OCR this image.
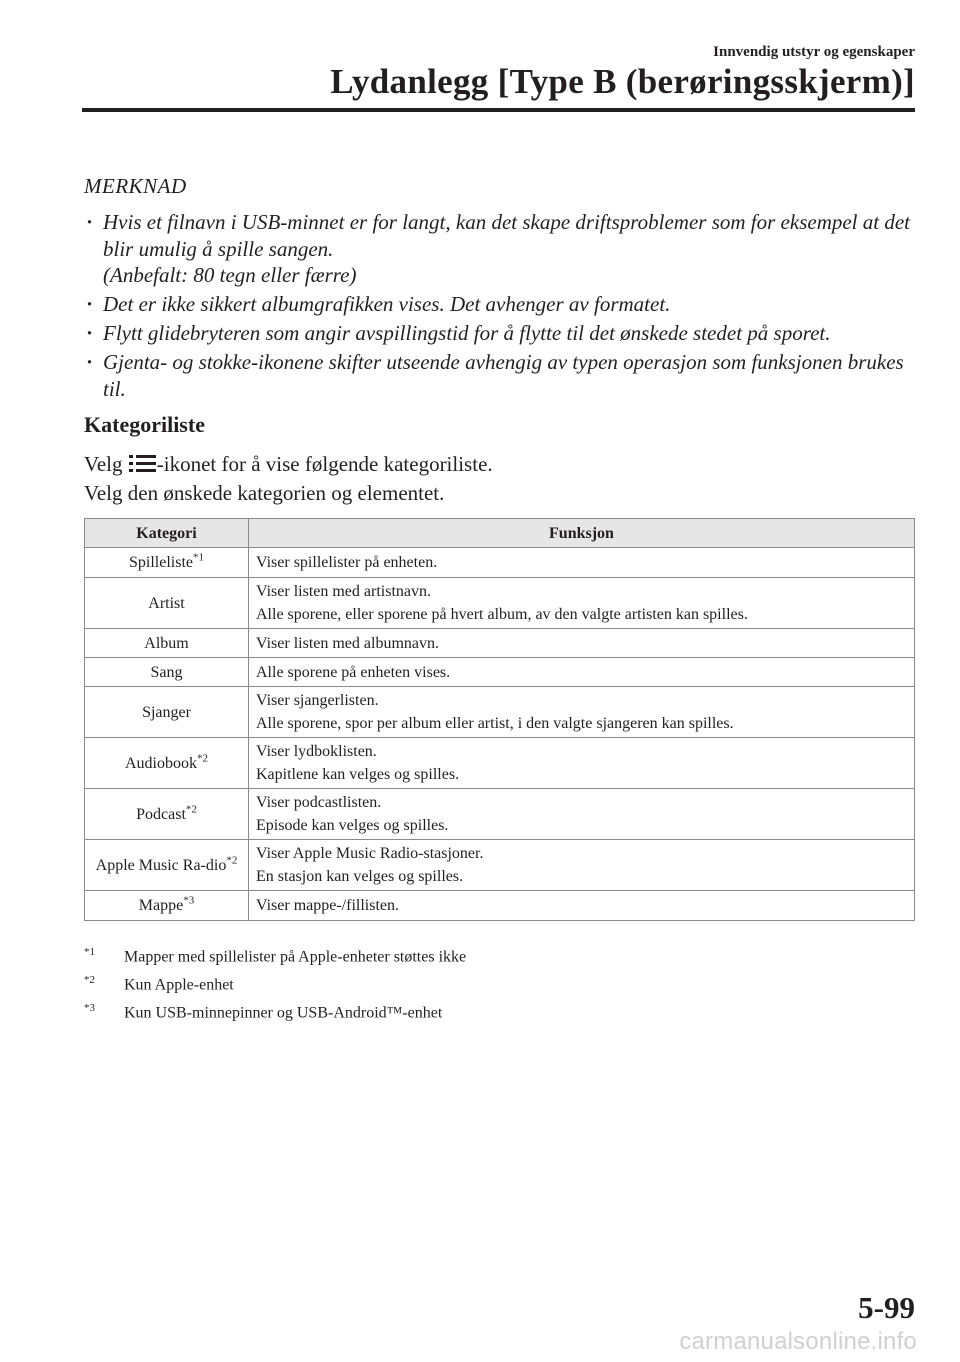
Innvendig utstyr og egenskaper
Lydanlegg [Type B (berøringsskjerm)]
MERKNAD
· Hvis et filnavn i USB-minnet er for langt, kan det skape driftsproblemer som for eksempel at det blir umulig å spille sangen.
(Anbefalt: 80 tegn eller færre)
· Det er ikke sikkert albumgrafikken vises. Det avhenger av formatet.
· Flytt glidebryteren som angir avspillingstid for å flytte til det ønskede stedet på sporet.
· Gjenta- og stokke-ikonene skifter utseende avhengig av typen operasjon som funksjonen brukes til.
Kategoriliste
Velg
-ikonet for å vise følgende kategoriliste.
Velg den ønskede kategorien og elementet.
Kategori	Funksjon
Spilleliste$^{*1}$	Viser spillelister på enheten.

Artist	Viser listen med artistnavn.
Alle sporene, eller sporene på hvert album, av den valgte artisten kan spilles.

Album	Viser listen med albumnavn.

Sang	Alle sporene på enheten vises.

Sjanger	Viser sjangerlisten.
Alle sporene, spor per album eller artist, i den valgte sjangeren kan spilles.

Audiobook$^{*2}$	Viser lydboklisten.
Kapitlene kan velges og spilles.

Podcast$^{*2}$	Viser podcastlisten.
Episode kan velges og spilles.

Apple Music Ra-dio$^{*2}$	Viser Apple Music Radio-stasjoner.
En stasjon kan velges og spilles.

Mappe$^{*3}$	Viser mappe-/fillisten.
$^{*1}$ Mapper med spillelister på Apple-enheter støttes ikke
$^{*2}$ Kun Apple-enhet
$^{*3}$ Kun USB-minnepinner og USB-Android™-enhet
5-99
carmanualsonline.info
